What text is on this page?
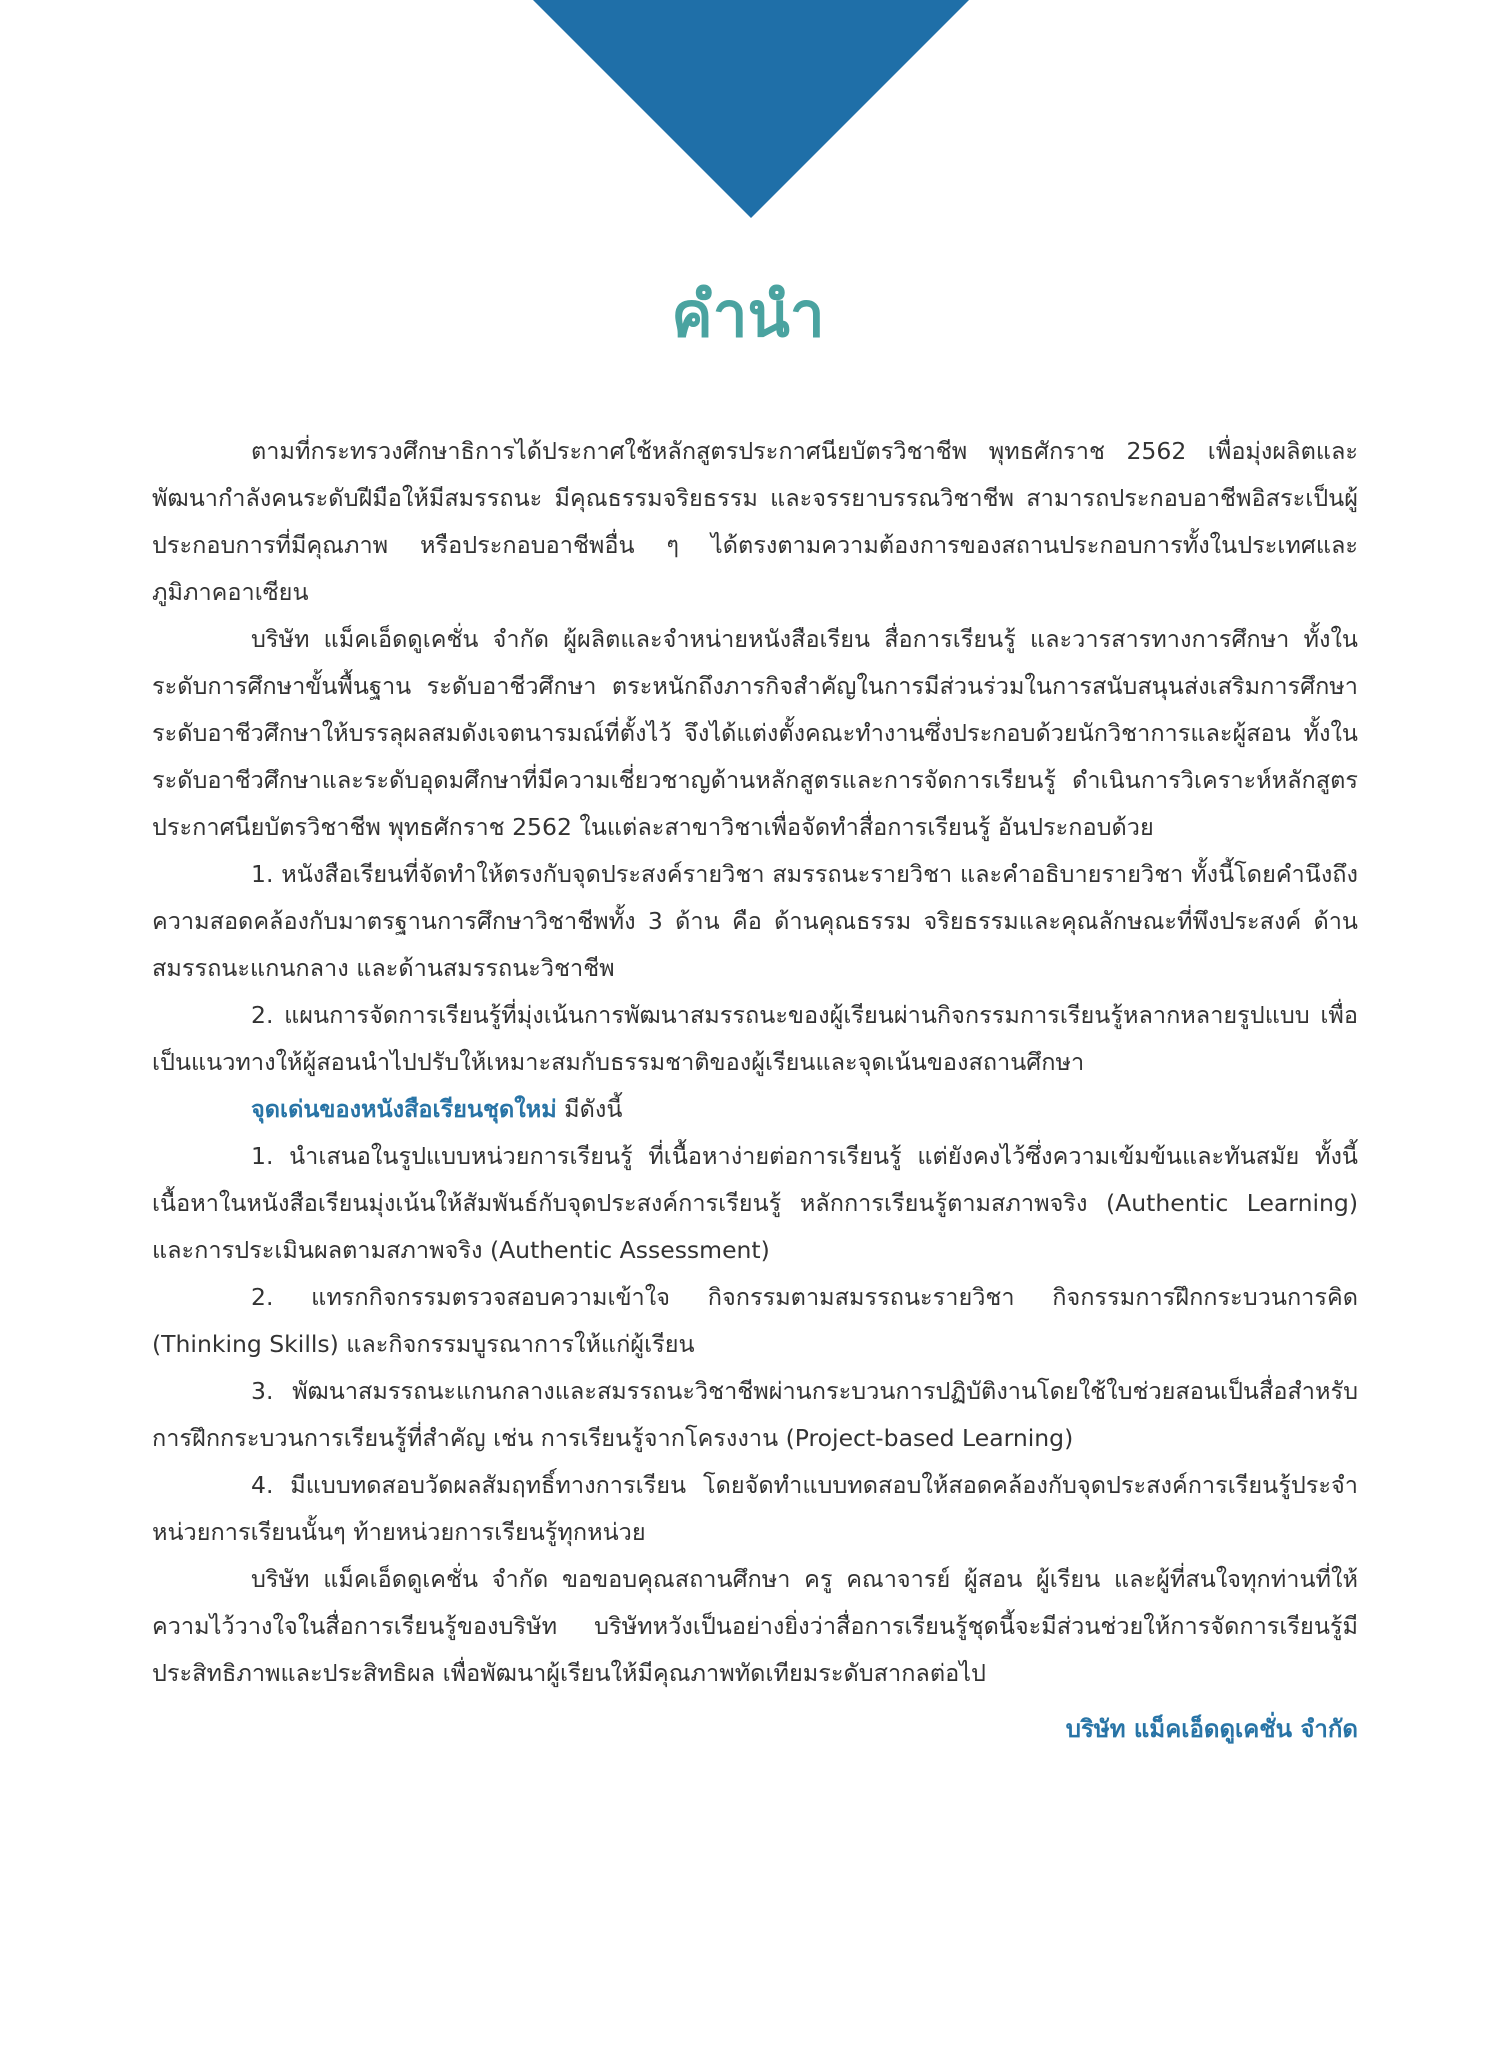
คำนำ

ตามที่กระทรวงศึกษาธิการได้ประกาศใช้หลักสูตรประกาศนียบัตรวิชาชีพ พุทธศักราช 2562 เพื่อมุ่งผลิตและพัฒนากำลังคนระดับฝีมือให้มีสมรรถนะ มีคุณธรรมจริยธรรม และจรรยาบรรณวิชาชีพ สามารถประกอบอาชีพอิสระเป็นผู้ประกอบการที่มีคุณภาพ หรือประกอบอาชีพอื่น ๆ ได้ตรงตามความต้องการของสถานประกอบการทั้งในประเทศและภูมิภาคอาเซียน

บริษัท แม็คเอ็ดดูเคชั่น จำกัด ผู้ผลิตและจำหน่ายหนังสือเรียน สื่อการเรียนรู้ และวารสารทางการศึกษา ทั้งในระดับการศึกษาขั้นพื้นฐาน ระดับอาชีวศึกษา ตระหนักถึงภารกิจสำคัญในการมีส่วนร่วมในการสนับสนุนส่งเสริมการศึกษาระดับอาชีวศึกษาให้บรรลุผลสมดังเจตนารมณ์ที่ตั้งไว้ จึงได้แต่งตั้งคณะทำงานซึ่งประกอบด้วยนักวิชาการและผู้สอน ทั้งในระดับอาชีวศึกษาและระดับอุดมศึกษาที่มีความเชี่ยวชาญด้านหลักสูตรและการจัดการเรียนรู้ ดำเนินการวิเคราะห์หลักสูตรประกาศนียบัตรวิชาชีพ พุทธศักราช 2562 ในแต่ละสาขาวิชาเพื่อจัดทำสื่อการเรียนรู้ อันประกอบด้วย

1. หนังสือเรียนที่จัดทำให้ตรงกับจุดประสงค์รายวิชา สมรรถนะรายวิชา และคำอธิบายรายวิชา ทั้งนี้โดยคำนึงถึงความสอดคล้องกับมาตรฐานการศึกษาวิชาชีพทั้ง 3 ด้าน คือ ด้านคุณธรรม จริยธรรมและคุณลักษณะที่พึงประสงค์ ด้านสมรรถนะแกนกลาง และด้านสมรรถนะวิชาชีพ

2. แผนการจัดการเรียนรู้ที่มุ่งเน้นการพัฒนาสมรรถนะของผู้เรียนผ่านกิจกรรมการเรียนรู้หลากหลายรูปแบบ เพื่อเป็นแนวทางให้ผู้สอนนำไปปรับให้เหมาะสมกับธรรมชาติของผู้เรียนและจุดเน้นของสถานศึกษา

จุดเด่นของหนังสือเรียนชุดใหม่ มีดังนี้

1. นำเสนอในรูปแบบหน่วยการเรียนรู้ ที่เนื้อหาง่ายต่อการเรียนรู้ แต่ยังคงไว้ซึ่งความเข้มข้นและทันสมัย ทั้งนี้เนื้อหาในหนังสือเรียนมุ่งเน้นให้สัมพันธ์กับจุดประสงค์การเรียนรู้ หลักการเรียนรู้ตามสภาพจริง (Authentic Learning) และการประเมินผลตามสภาพจริง (Authentic Assessment)

2. แทรกกิจกรรมตรวจสอบความเข้าใจ กิจกรรมตามสมรรถนะรายวิชา กิจกรรมการฝึกกระบวนการคิด (Thinking Skills) และกิจกรรมบูรณาการให้แก่ผู้เรียน

3. พัฒนาสมรรถนะแกนกลางและสมรรถนะวิชาชีพผ่านกระบวนการปฏิบัติงานโดยใช้ใบช่วยสอนเป็นสื่อสำหรับการฝึกกระบวนการเรียนรู้ที่สำคัญ เช่น การเรียนรู้จากโครงงาน (Project-based Learning)

4. มีแบบทดสอบวัดผลสัมฤทธิ์ทางการเรียน โดยจัดทำแบบทดสอบให้สอดคล้องกับจุดประสงค์การเรียนรู้ประจำหน่วยการเรียนนั้นๆ ท้ายหน่วยการเรียนรู้ทุกหน่วย

บริษัท แม็คเอ็ดดูเคชั่น จำกัด ขอขอบคุณสถานศึกษา ครู คณาจารย์ ผู้สอน ผู้เรียน และผู้ที่สนใจทุกท่านที่ให้ความไว้วางใจในสื่อการเรียนรู้ของบริษัท บริษัทหวังเป็นอย่างยิ่งว่าสื่อการเรียนรู้ชุดนี้จะมีส่วนช่วยให้การจัดการเรียนรู้มีประสิทธิภาพและประสิทธิผล เพื่อพัฒนาผู้เรียนให้มีคุณภาพทัดเทียมระดับสากลต่อไป

บริษัท แม็คเอ็ดดูเคชั่น จำกัด
